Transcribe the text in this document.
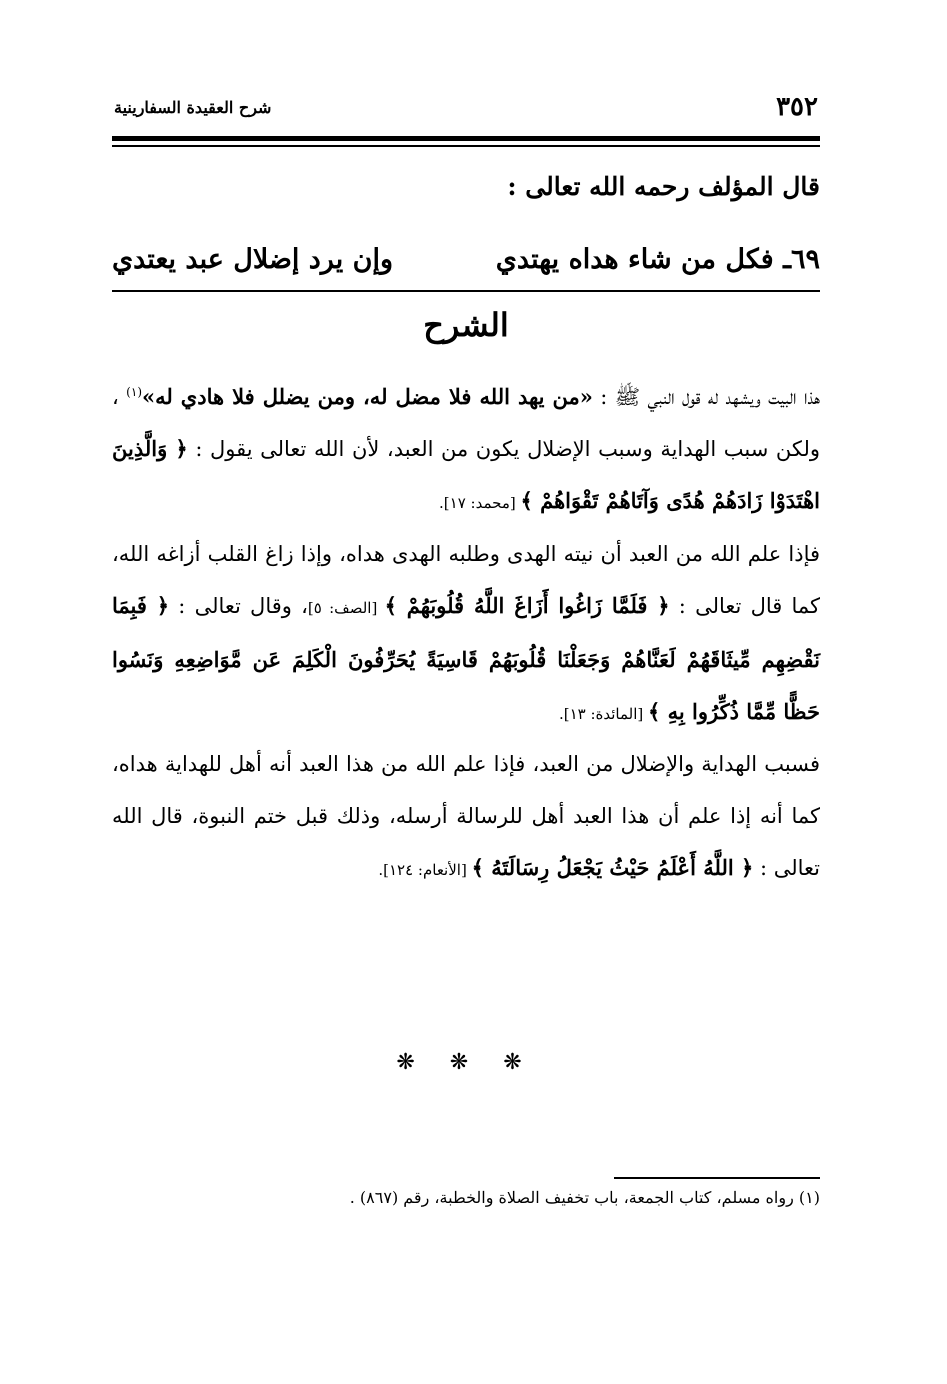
٣٥٢
شرح العقيدة السفارينية
قال المؤلف رحمه الله تعالى :
٦٩ـ فكل من شاء هداه يهتدي
وإن يرد إضلال عبد يعتدي
الشرح
هذا البيت ويشهد له قول النبي ﷺ : «من يهد الله فلا مضل له، ومن يضلل فلا هادي له»$^{(١)}$ ، ولكن سبب الهداية وسبب الإضلال يكون من العبد، لأن الله تعالى يقول : ﴿ وَالَّذِينَ اهْتَدَوْا زَادَهُمْ هُدًى وَآتَاهُمْ تَقْوَاهُمْ ﴾ [محمد: ١٧].
فإذا علم الله من العبد أن نيته الهدى وطلبه الهدى هداه، وإذا زاغ القلب أزاغه الله، كما قال تعالى : ﴿ فَلَمَّا زَاغُوا أَزَاغَ اللَّهُ قُلُوبَهُمْ ﴾ [الصف: ٥]، وقال تعالى : ﴿ فَبِمَا نَقْضِهِم مِّيثَاقَهُمْ لَعَنَّاهُمْ وَجَعَلْنَا قُلُوبَهُمْ قَاسِيَةً يُحَرِّفُونَ الْكَلِمَ عَن مَّوَاضِعِهِ وَنَسُوا حَظًّا مِّمَّا ذُكِّرُوا بِهِ ﴾ [المائدة: ١٣].
فسبب الهداية والإضلال من العبد، فإذا علم الله من هذا العبد أنه أهل للهداية هداه، كما أنه إذا علم أن هذا العبد أهل للرسالة أرسله، وذلك قبل ختم النبوة، قال الله تعالى : ﴿ اللَّهُ أَعْلَمُ حَيْثُ يَجْعَلُ رِسَالَتَهُ ﴾ [الأنعام: ١٢٤].
❋ ❋ ❋
(١) رواه مسلم، كتاب الجمعة، باب تخفيف الصلاة والخطبة، رقم (٨٦٧) .
